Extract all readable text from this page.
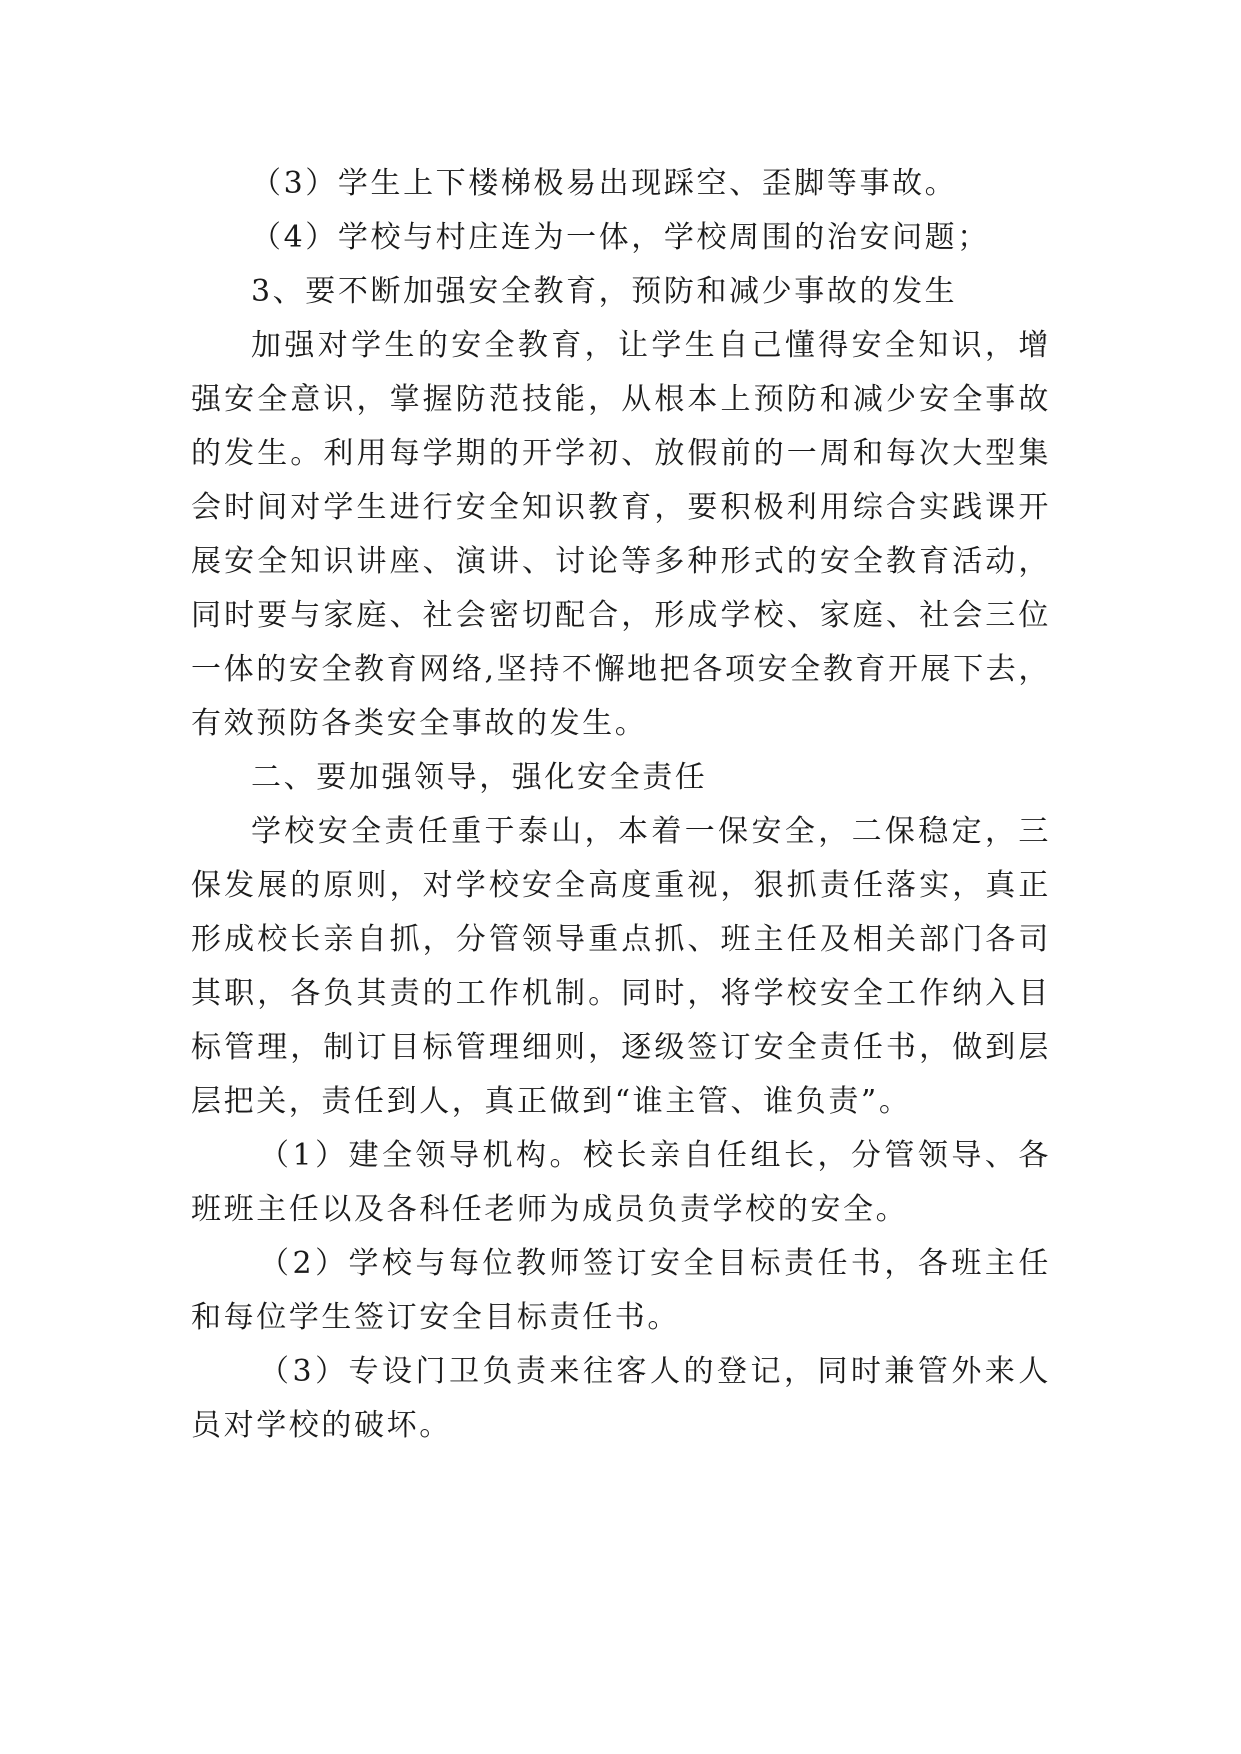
（3）学生上下楼梯极易出现踩空、歪脚等事故。

（4）学校与村庄连为一体，学校周围的治安问题；

3、要不断加强安全教育，预防和减少事故的发生

加强对学生的安全教育，让学生自己懂得安全知识，增强安全意识，掌握防范技能，从根本上预防和减少安全事故的发生。利用每学期的开学初、放假前的一周和每次大型集会时间对学生进行安全知识教育，要积极利用综合实践课开展安全知识讲座、演讲、讨论等多种形式的安全教育活动，同时要与家庭、社会密切配合，形成学校、家庭、社会三位一体的安全教育网络,坚持不懈地把各项安全教育开展下去，有效预防各类安全事故的发生。

二、要加强领导，强化安全责任

学校安全责任重于泰山，本着一保安全，二保稳定，三保发展的原则，对学校安全高度重视，狠抓责任落实，真正形成校长亲自抓，分管领导重点抓、班主任及相关部门各司其职，各负其责的工作机制。同时，将学校安全工作纳入目标管理，制订目标管理细则，逐级签订安全责任书，做到层层把关，责任到人，真正做到“谁主管、谁负责”。

（1）建全领导机构。校长亲自任组长，分管领导、各班班主任以及各科任老师为成员负责学校的安全。

（2）学校与每位教师签订安全目标责任书，各班主任和每位学生签订安全目标责任书。

（3）专设门卫负责来往客人的登记，同时兼管外来人员对学校的破坏。
